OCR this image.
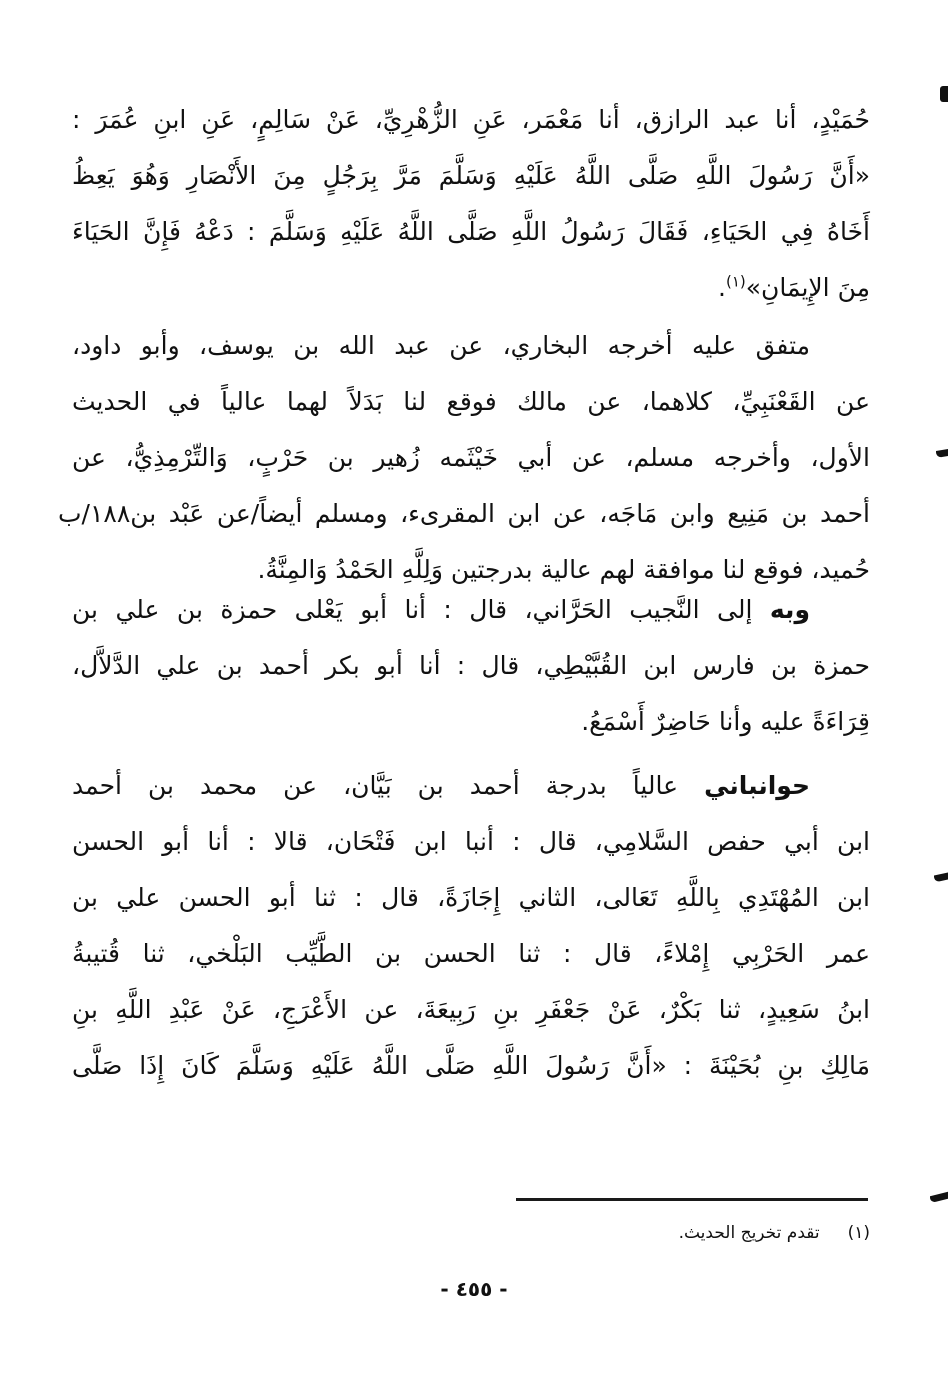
حُمَيْدٍ، أنا عبد الرازق، أنا مَعْمَر، عَنِ الزُّهْرِيِّ، عَنْ سَالِمٍ، عَنِ ابنِ عُمَرَ :
«أَنَّ رَسُولَ اللَّهِ صَلَّى اللَّهُ عَلَيْهِ وَسَلَّمَ مَرَّ بِرَجُلٍ مِنَ الأَنْصَارِ وَهُوَ يَعِظُ
أَخَاهُ فِي الحَيَاءِ، فَقَالَ رَسُولُ اللَّهِ صَلَّى اللَّهُ عَلَيْهِ وَسَلَّمَ : دَعْهُ فَإِنَّ الحَيَاءَ
مِنَ الإِيمَانِ»$^{(١)}$.
متفق عليه أخرجه البخاري، عن عبد الله بن يوسف، وأبو داود،
عن القَعْنَبِيِّ، كلاهما، عن مالك فوقع لنا بَدَلاً لهما عالياً في الحديث
الأول، وأخرجه مسلم، عن أبي خَيْثَمه زُهير بن حَرْبٍ، وَالتِّرْمِذِيُّ، عن
أحمد بن مَنِيع وابن مَاجَه، عن ابن المقرىء، ومسلم أيضاً/عن عَبْد بن١٨٨/ب
حُميد، فوقع لنا موافقة لهم عالية بدرجتين وَلِلَّهِ الحَمْدُ وَالمِنَّةُ.
وبه إلى النَّجيب الحَرَّاني، قال : أنا أبو يَعْلى حمزة بن علي بن
حمزة بن فارس ابن القُبَّيْطِي، قال : أنا أبو بكر أحمد بن علي الدَّلاَّل،
قِرَاءَةً عليه وأنا حَاضِرٌ أَسْمَعُ.
حوانباني عالياً بدرجة أحمد بن بَيَّان، عن محمد بن أحمد
ابن أبي حفص السَّلامِي، قال : أنبا ابن فَتْحَان، قالا : أنا أبو الحسن
ابن المُهْتَدِي بِاللَّهِ تَعَالى، الثاني إِجَازَةً، قال : ثنا أبو الحسن علي بن
عمر الحَرْبِي إِمْلاءً، قال : ثنا الحسن بن الطَّيِّب البَلْخي، ثنا قُتيبةُ
ابنُ سَعِيدٍ، ثنا بَكْرٌ، عَنْ جَعْفَرِ بنِ رَبِيعَةَ، عن الأَعْرَجِ، عَنْ عَبْدِ اللَّهِ بنِ
مَالِكِ بنِ بُحَيْنَةَ : «أَنَّ رَسُولَ اللَّهِ صَلَّى اللَّهُ عَلَيْهِ وَسَلَّمَ كَانَ إِذَا صَلَّى
(١)تقدم تخريج الحديث.
- ٤٥٥ -
